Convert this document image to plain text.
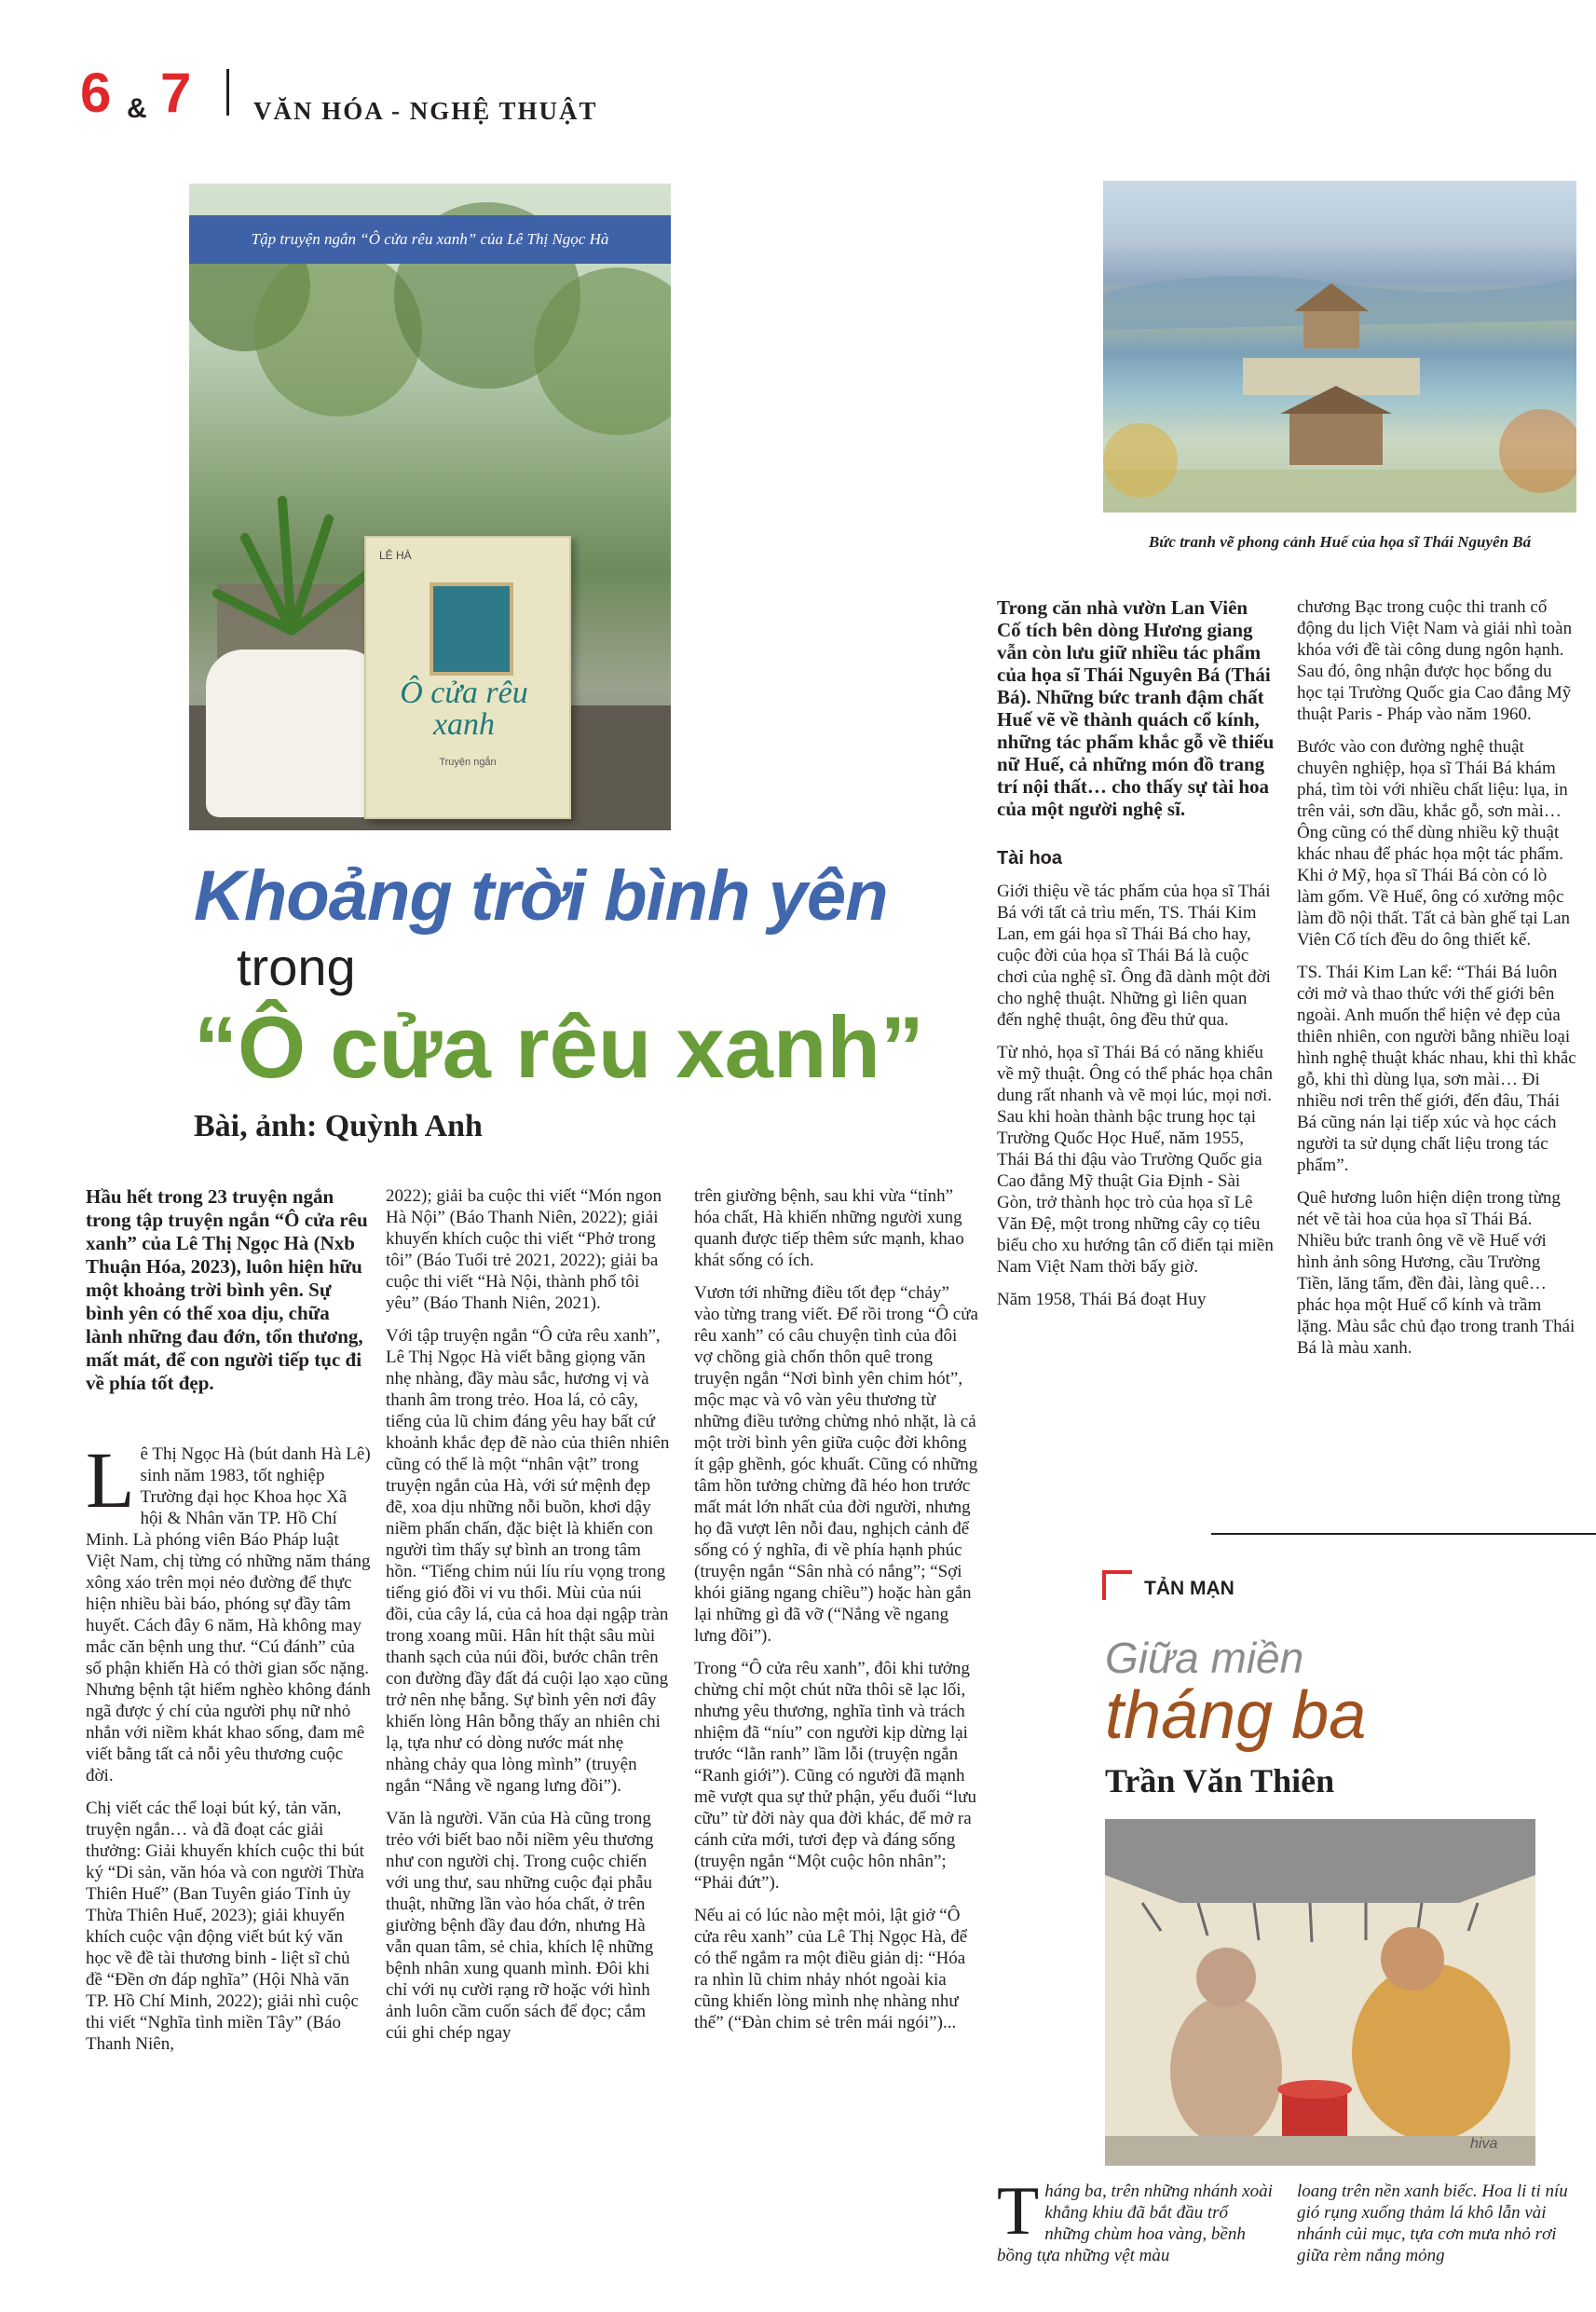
6 & 7 VĂN HÓA - NGHỆ THUẬT
Tập truyện ngắn “Ô cửa rêu xanh” của Lê Thị Ngọc Hà
LÊ HÀ
Ô cửa rêu xanh
Truyện ngắn
Bức tranh vẽ phong cảnh Huế của họa sĩ Thái Nguyên Bá
Khoảng trời bình yên
trong
“Ô cửa rêu xanh”
Bài, ảnh: Quỳnh Anh

Hầu hết trong 23 truyện ngắn trong tập truyện ngắn “Ô cửa rêu xanh” của Lê Thị Ngọc Hà (Nxb Thuận Hóa, 2023), luôn hiện hữu một khoảng trời bình yên. Sự bình yên có thể xoa dịu, chữa lành những đau đớn, tổn thương, mất mát, để con người tiếp tục đi về phía tốt đẹp.

Lê Thị Ngọc Hà (bút danh Hà Lê) sinh năm 1983, tốt nghiệp Trường đại học Khoa học Xã hội & Nhân văn TP. Hồ Chí Minh. Là phóng viên Báo Pháp luật Việt Nam, chị từng có những năm tháng xông xáo trên mọi nẻo đường để thực hiện nhiều bài báo, phóng sự đầy tâm huyết. Cách đây 6 năm, Hà không may mắc căn bệnh ung thư. “Cú đánh” của số phận khiến Hà có thời gian sốc nặng. Nhưng bệnh tật hiểm nghèo không đánh ngã được ý chí của người phụ nữ nhỏ nhắn với niềm khát khao sống, đam mê viết bằng tất cả nỗi yêu thương cuộc đời.

Chị viết các thể loại bút ký, tản văn, truyện ngắn… và đã đoạt các giải thưởng: Giải khuyến khích cuộc thi bút ký “Di sản, văn hóa và con người Thừa Thiên Huế” (Ban Tuyên giáo Tỉnh ủy Thừa Thiên Huế, 2023); giải khuyến khích cuộc vận động viết bút ký văn học về đề tài thương binh - liệt sĩ chủ đề “Đền ơn đáp nghĩa” (Hội Nhà văn TP. Hồ Chí Minh, 2022); giải nhì cuộc thi viết “Nghĩa tình miền Tây” (Báo Thanh Niên,

2022); giải ba cuộc thi viết “Món ngon Hà Nội” (Báo Thanh Niên, 2022); giải khuyến khích cuộc thi viết “Phở trong tôi” (Báo Tuổi trẻ 2021, 2022); giải ba cuộc thi viết “Hà Nội, thành phố tôi yêu” (Báo Thanh Niên, 2021).

Với tập truyện ngắn “Ô cửa rêu xanh”, Lê Thị Ngọc Hà viết bằng giọng văn nhẹ nhàng, đầy màu sắc, hương vị và thanh âm trong trẻo. Hoa lá, cỏ cây, tiếng của lũ chim đáng yêu hay bất cứ khoảnh khắc đẹp đẽ nào của thiên nhiên cũng có thể là một “nhân vật” trong truyện ngắn của Hà, với sứ mệnh đẹp đẽ, xoa dịu những nỗi buồn, khơi dậy niềm phấn chấn, đặc biệt là khiến con người tìm thấy sự bình an trong tâm hồn. “Tiếng chim núi líu ríu vọng trong tiếng gió đồi vi vu thổi. Mùi của núi đồi, của cây lá, của cả hoa dại ngập tràn trong xoang mũi. Hân hít thật sâu mùi thanh sạch của núi đồi, bước chân trên con đường đầy đất đá cuội lạo xạo cũng trở nên nhẹ bẫng. Sự bình yên nơi đây khiến lòng Hân bỗng thấy an nhiên chi lạ, tựa như có dòng nước mát nhẹ nhàng chảy qua lòng mình” (truyện ngắn “Nắng về ngang lưng đồi”).

Văn là người. Văn của Hà cũng trong trẻo với biết bao nỗi niềm yêu thương như con người chị. Trong cuộc chiến với ung thư, sau những cuộc đại phẫu thuật, những lần vào hóa chất, ở trên giường bệnh đầy đau đớn, nhưng Hà vẫn quan tâm, sẻ chia, khích lệ những bệnh nhân xung quanh mình. Đôi khi chỉ với nụ cười rạng rỡ hoặc với hình ảnh luôn cầm cuốn sách để đọc; cắm cúi ghi chép ngay

trên giường bệnh, sau khi vừa “tỉnh” hóa chất, Hà khiến những người xung quanh được tiếp thêm sức mạnh, khao khát sống có ích.

Vươn tới những điều tốt đẹp “chảy” vào từng trang viết. Để rồi trong “Ô cửa rêu xanh” có câu chuyện tình của đôi vợ chồng già chốn thôn quê trong truyện ngắn “Nơi bình yên chim hót”, mộc mạc và vô vàn yêu thương từ những điều tưởng chừng nhỏ nhặt, là cả một trời bình yên giữa cuộc đời không ít gập ghềnh, góc khuất. Cũng có những tâm hồn tưởng chừng đã héo hon trước mất mát lớn nhất của đời người, nhưng họ đã vượt lên nỗi đau, nghịch cảnh để sống có ý nghĩa, đi về phía hạnh phúc (truyện ngắn “Sân nhà có nắng”; “Sợi khói giăng ngang chiều”) hoặc hàn gắn lại những gì đã vỡ (“Nắng về ngang lưng đồi”).

Trong “Ô cửa rêu xanh”, đôi khi tưởng chừng chỉ một chút nữa thôi sẽ lạc lối, nhưng yêu thương, nghĩa tình và trách nhiệm đã “níu” con người kịp dừng lại trước “lằn ranh” lầm lỗi (truyện ngắn “Ranh giới”). Cũng có người đã mạnh mẽ vượt qua sự thử phận, yếu đuối “lưu cữu” từ đời này qua đời khác, để mở ra cánh cửa mới, tươi đẹp và đáng sống (truyện ngắn “Một cuộc hôn nhân”; “Phải đứt”).

Nếu ai có lúc nào mệt mỏi, lật giở “Ô cửa rêu xanh” của Lê Thị Ngọc Hà, để có thể ngắm ra một điều giản dị: “Hóa ra nhìn lũ chim nhảy nhót ngoài kia cũng khiến lòng mình nhẹ nhàng như thế” (“Đàn chim sẻ trên mái ngói”)...

Trong căn nhà vườn Lan Viên Cố tích bên dòng Hương giang vẫn còn lưu giữ nhiều tác phẩm của họa sĩ Thái Nguyên Bá (Thái Bá). Những bức tranh đậm chất Huế vẽ về thành quách cổ kính, những tác phẩm khắc gỗ về thiếu nữ Huế, cả những món đồ trang trí nội thất… cho thấy sự tài hoa của một người nghệ sĩ.

Tài hoa

Giới thiệu về tác phẩm của họa sĩ Thái Bá với tất cả trìu mến, TS. Thái Kim Lan, em gái họa sĩ Thái Bá cho hay, cuộc đời của họa sĩ Thái Bá là cuộc chơi của nghệ sĩ. Ông đã dành một đời cho nghệ thuật. Những gì liên quan đến nghệ thuật, ông đều thử qua.

Từ nhỏ, họa sĩ Thái Bá có năng khiếu về mỹ thuật. Ông có thể phác họa chân dung rất nhanh và vẽ mọi lúc, mọi nơi. Sau khi hoàn thành bậc trung học tại Trường Quốc Học Huế, năm 1955, Thái Bá thi đậu vào Trường Quốc gia Cao đẳng Mỹ thuật Gia Định - Sài Gòn, trở thành học trò của họa sĩ Lê Văn Đệ, một trong những cây cọ tiêu biểu cho xu hướng tân cổ điển tại miền Nam Việt Nam thời bấy giờ.

Năm 1958, Thái Bá đoạt Huy

chương Bạc trong cuộc thi tranh cổ động du lịch Việt Nam và giải nhì toàn khóa với đề tài công dung ngôn hạnh. Sau đó, ông nhận được học bổng du học tại Trường Quốc gia Cao đẳng Mỹ thuật Paris - Pháp vào năm 1960.

Bước vào con đường nghệ thuật chuyên nghiệp, họa sĩ Thái Bá khám phá, tìm tòi với nhiều chất liệu: lụa, in trên vải, sơn dầu, khắc gỗ, sơn mài… Ông cũng có thể dùng nhiều kỹ thuật khác nhau để phác họa một tác phẩm. Khi ở Mỹ, họa sĩ Thái Bá còn có lò làm gốm. Về Huế, ông có xưởng mộc làm đồ nội thất. Tất cả bàn ghế tại Lan Viên Cố tích đều do ông thiết kế.

TS. Thái Kim Lan kể: “Thái Bá luôn cởi mở và thao thức với thế giới bên ngoài. Anh muốn thể hiện vẻ đẹp của thiên nhiên, con người bằng nhiều loại hình nghệ thuật khác nhau, khi thì khắc gỗ, khi thì dùng lụa, sơn mài… Đi nhiều nơi trên thế giới, đến đâu, Thái Bá cũng nán lại tiếp xúc và học cách người ta sử dụng chất liệu trong tác phẩm”.

Quê hương luôn hiện diện trong từng nét vẽ tài hoa của họa sĩ Thái Bá. Nhiều bức tranh ông vẽ về Huế với hình ảnh sông Hương, cầu Trường Tiền, lăng tẩm, đền đài, làng quê… phác họa một Huế cổ kính và trầm lặng. Màu sắc chủ đạo trong tranh Thái Bá là màu xanh.

TẢN MẠN
Giữa miền
tháng ba
Trần Văn Thiên
hiva
Tháng ba, trên những nhánh xoài khẳng khiu đã bắt đầu trổ những chùm hoa vàng, bềnh bồng tựa những vệt màu
loang trên nền xanh biếc. Hoa li ti níu gió rụng xuống thảm lá khô lẫn vài nhánh củi mục, tựa cơn mưa nhỏ rơi giữa rèm nắng mỏng
